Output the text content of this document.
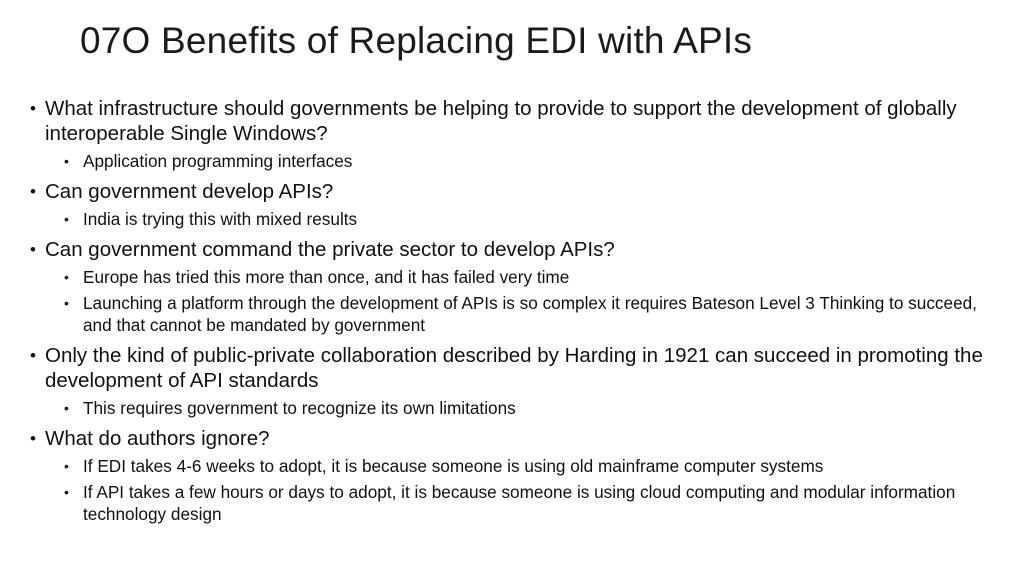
07O Benefits of Replacing EDI with APIs
• What infrastructure should governments be helping to provide to support the development of globally interoperable Single Windows?
• Application programming interfaces
• Can government develop APIs?
• India is trying this with mixed results
• Can government command the private sector to develop APIs?
• Europe has tried this more than once, and it has failed very time
• Launching a platform through the development of APIs is so complex it requires Bateson Level 3 Thinking to succeed, and that cannot be mandated by government
• Only the kind of public-private collaboration described by Harding in 1921 can succeed in promoting the development of API standards
• This requires government to recognize its own limitations
• What do authors ignore?
• If EDI takes 4-6 weeks to adopt, it is because someone is using old mainframe computer systems
• If API takes a few hours or days to adopt, it is because someone is using cloud computing and modular information technology design
